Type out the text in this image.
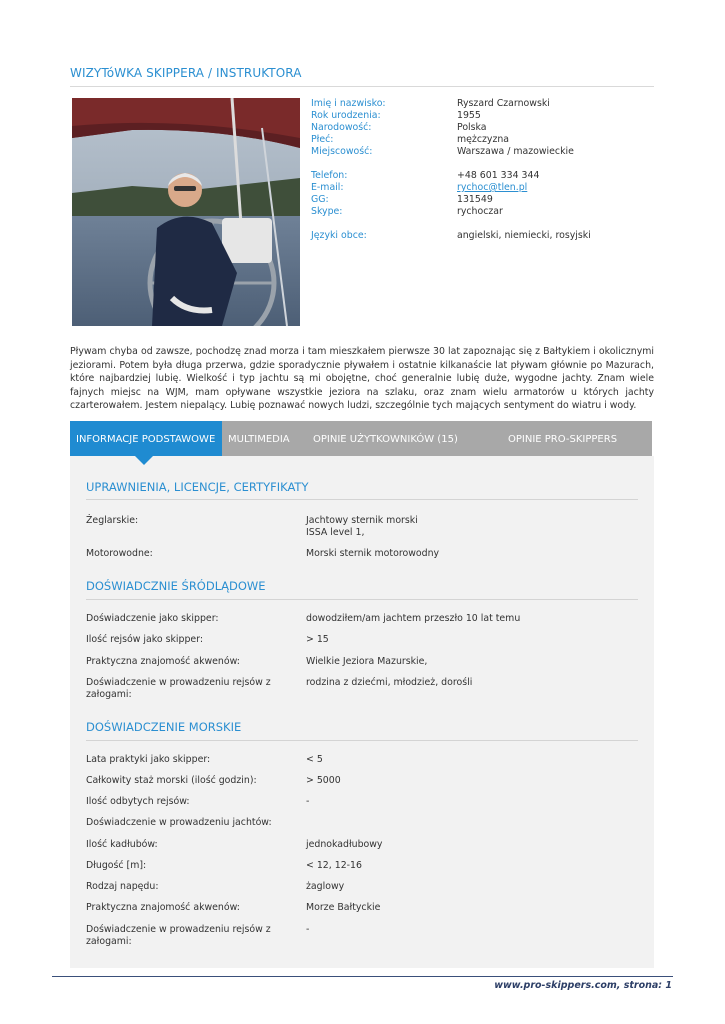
WIZYTóWKA SKIPPERA / INSTRUKTORA
Imię i nazwisko:	Ryszard Czarnowski
Rok urodzenia:	1955
Narodowość:	Polska
Płeć:	mężczyzna
Miejscowość:	Warszawa / mazowieckie
Telefon:	+48 601 334 344
E-mail:	rychoc@tlen.pl
GG:	131549
Skype:	rychoczar
Języki obce:	angielski, niemiecki, rosyjski
Pływam chyba od zawsze, pochodzę znad morza i tam mieszkałem pierwsze 30 lat zapoznając się z Bałtykiem i okolicznymi jeziorami. Potem była długa przerwa, gdzie sporadycznie pływałem i ostatnie kilkanaście lat pływam głównie po Mazurach, które najbardziej lubię. Wielkość i typ jachtu są mi obojętne, choć generalnie lubię duże, wygodne jachty. Znam wiele fajnych miejsc na WJM, mam opływane wszystkie jeziora na szlaku, oraz znam wielu armatorów u których jachty czarterowałem. Jestem niepalący. Lubię poznawać nowych ludzi, szczególnie tych mających sentyment do wiatru i wody.
INFORMACJE PODSTAWOWE	MULTIMEDIA OPINIE UŻYTKOWNIKÓW (15)	OPINIE PRO-SKIPPERS
UPRAWNIENIA, LICENCJE, CERTYFIKATY
Żeglarskie:	Jachtowy sternik morski
ISSA level 1,
Motorowodne:	Morski sternik motorowodny
DOŚWIADCZNIE ŚRÓDLĄDOWE
Doświadczenie jako skipper:	dowodziłem/am jachtem przeszło 10 lat temu
Ilość rejsów jako skipper:	> 15
Praktyczna znajomość akwenów:	Wielkie Jeziora Mazurskie,
Doświadczenie w prowadzeniu rejsów z załogami:
rodzina z dziećmi, młodzież, dorośli
DOŚWIADCZENIE MORSKIE
Lata praktyki jako skipper:	< 5
Całkowity staż morski (ilość godzin):	> 5000
Ilość odbytych rejsów:	-
Doświadczenie w prowadzeniu jachtów:
Ilość kadłubów:	jednokadłubowy
Długość [m]:	< 12, 12-16
Rodzaj napędu:	żaglowy
Praktyczna znajomość akwenów:	Morze Bałtyckie
Doświadczenie w prowadzeniu rejsów z załogami:
-
www.pro-skippers.com, strona: 1
